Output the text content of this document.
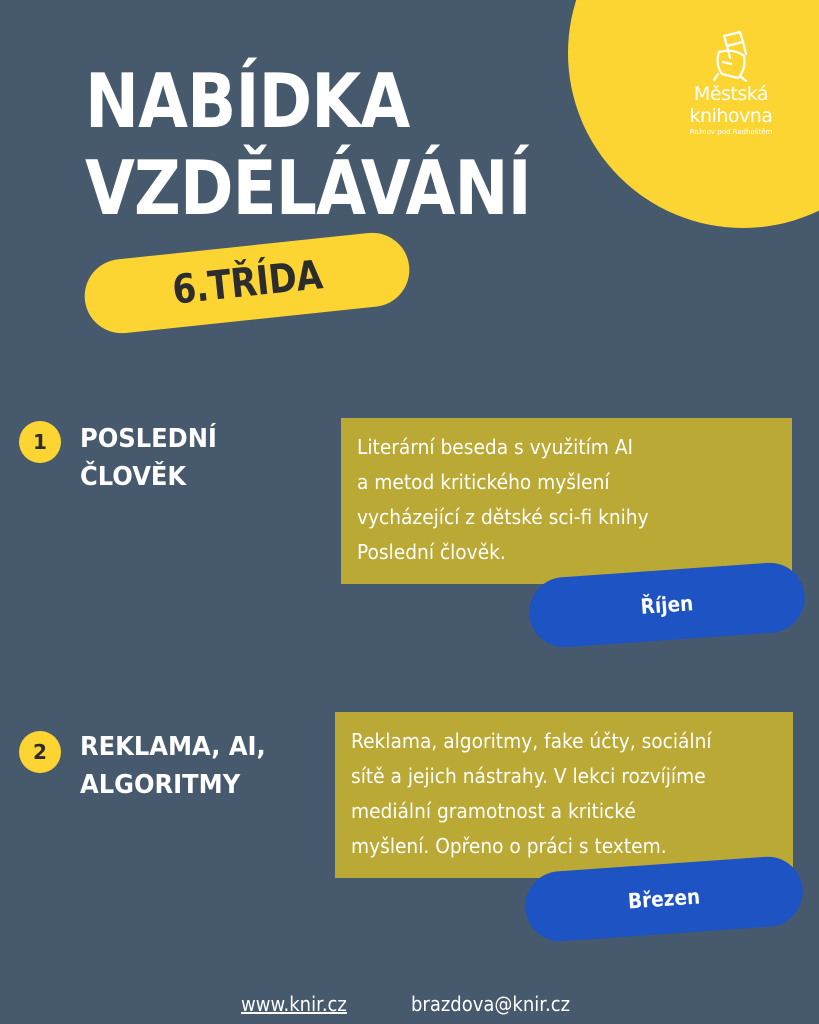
Městská
knihovna
Rožnov pod Radhoštěm
NABÍDKA
VZDĚLÁVÁNÍ
6.TŘÍDA
1	POSLEDNÍ
ČLOVĚK
Literární beseda s využitím AI
a metod kritického myšlení
vycházející z dětské sci-fi knihy
Poslední člověk.
Říjen
2	REKLAMA, AI,
ALGORITMY
Reklama, algoritmy, fake účty, sociální
sítě a jejich nástrahy. V lekci rozvíjíme
mediální gramotnost a kritické
myšlení. Opřeno o práci s textem.
Březen
www.knir.cz	brazdova@knir.cz
